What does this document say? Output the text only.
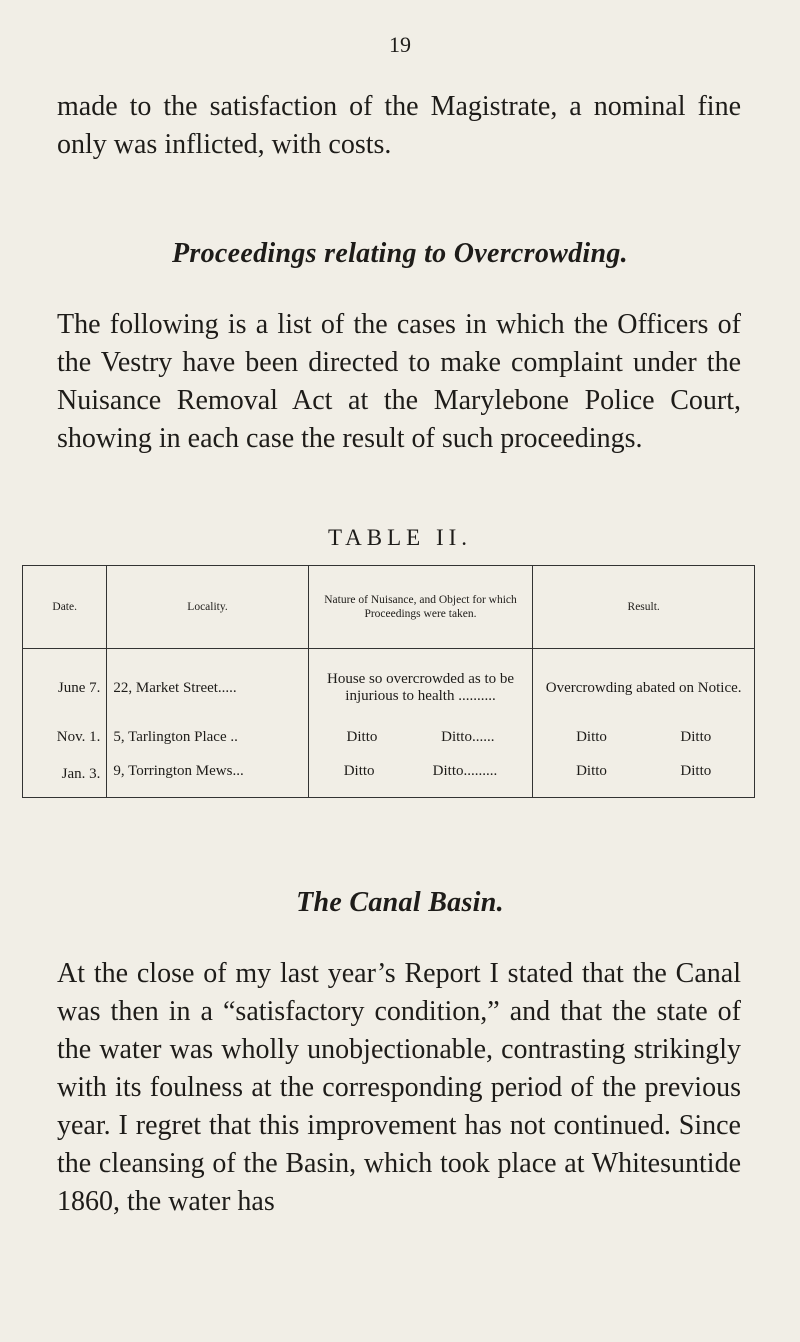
19

made to the satisfaction of the Magistrate, a nominal fine only was inflicted, with costs.

Proceedings relating to Overcrowding.

The following is a list of the cases in which the Officers of the Vestry have been directed to make complaint under the Nuisance Removal Act at the Marylebone Police Court, showing in each case the result of such proceedings.

TABLE II.
Date.	Locality.	Nature of Nuisance, and Object for which Proceedings were taken.	Result.
June 7.	22, Market Street.....	House so overcrowded as to be injurious to health ..........	Overcrowding abated on Notice.
Nov. 1.	5, Tarlington Place ..	Ditto Ditto......	Ditto Ditto

Jan. 3.	9, Torrington Mews...	Ditto Ditto.........	Ditto Ditto
The Canal Basin.

At the close of my last year’s Report I stated that the Canal was then in a “satisfactory condition,” and that the state of the water was wholly unobjectionable, contrasting strikingly with its foulness at the corresponding period of the previous year. I regret that this improvement has not continued. Since the cleansing of the Basin, which took place at Whitesuntide 1860, the water has
